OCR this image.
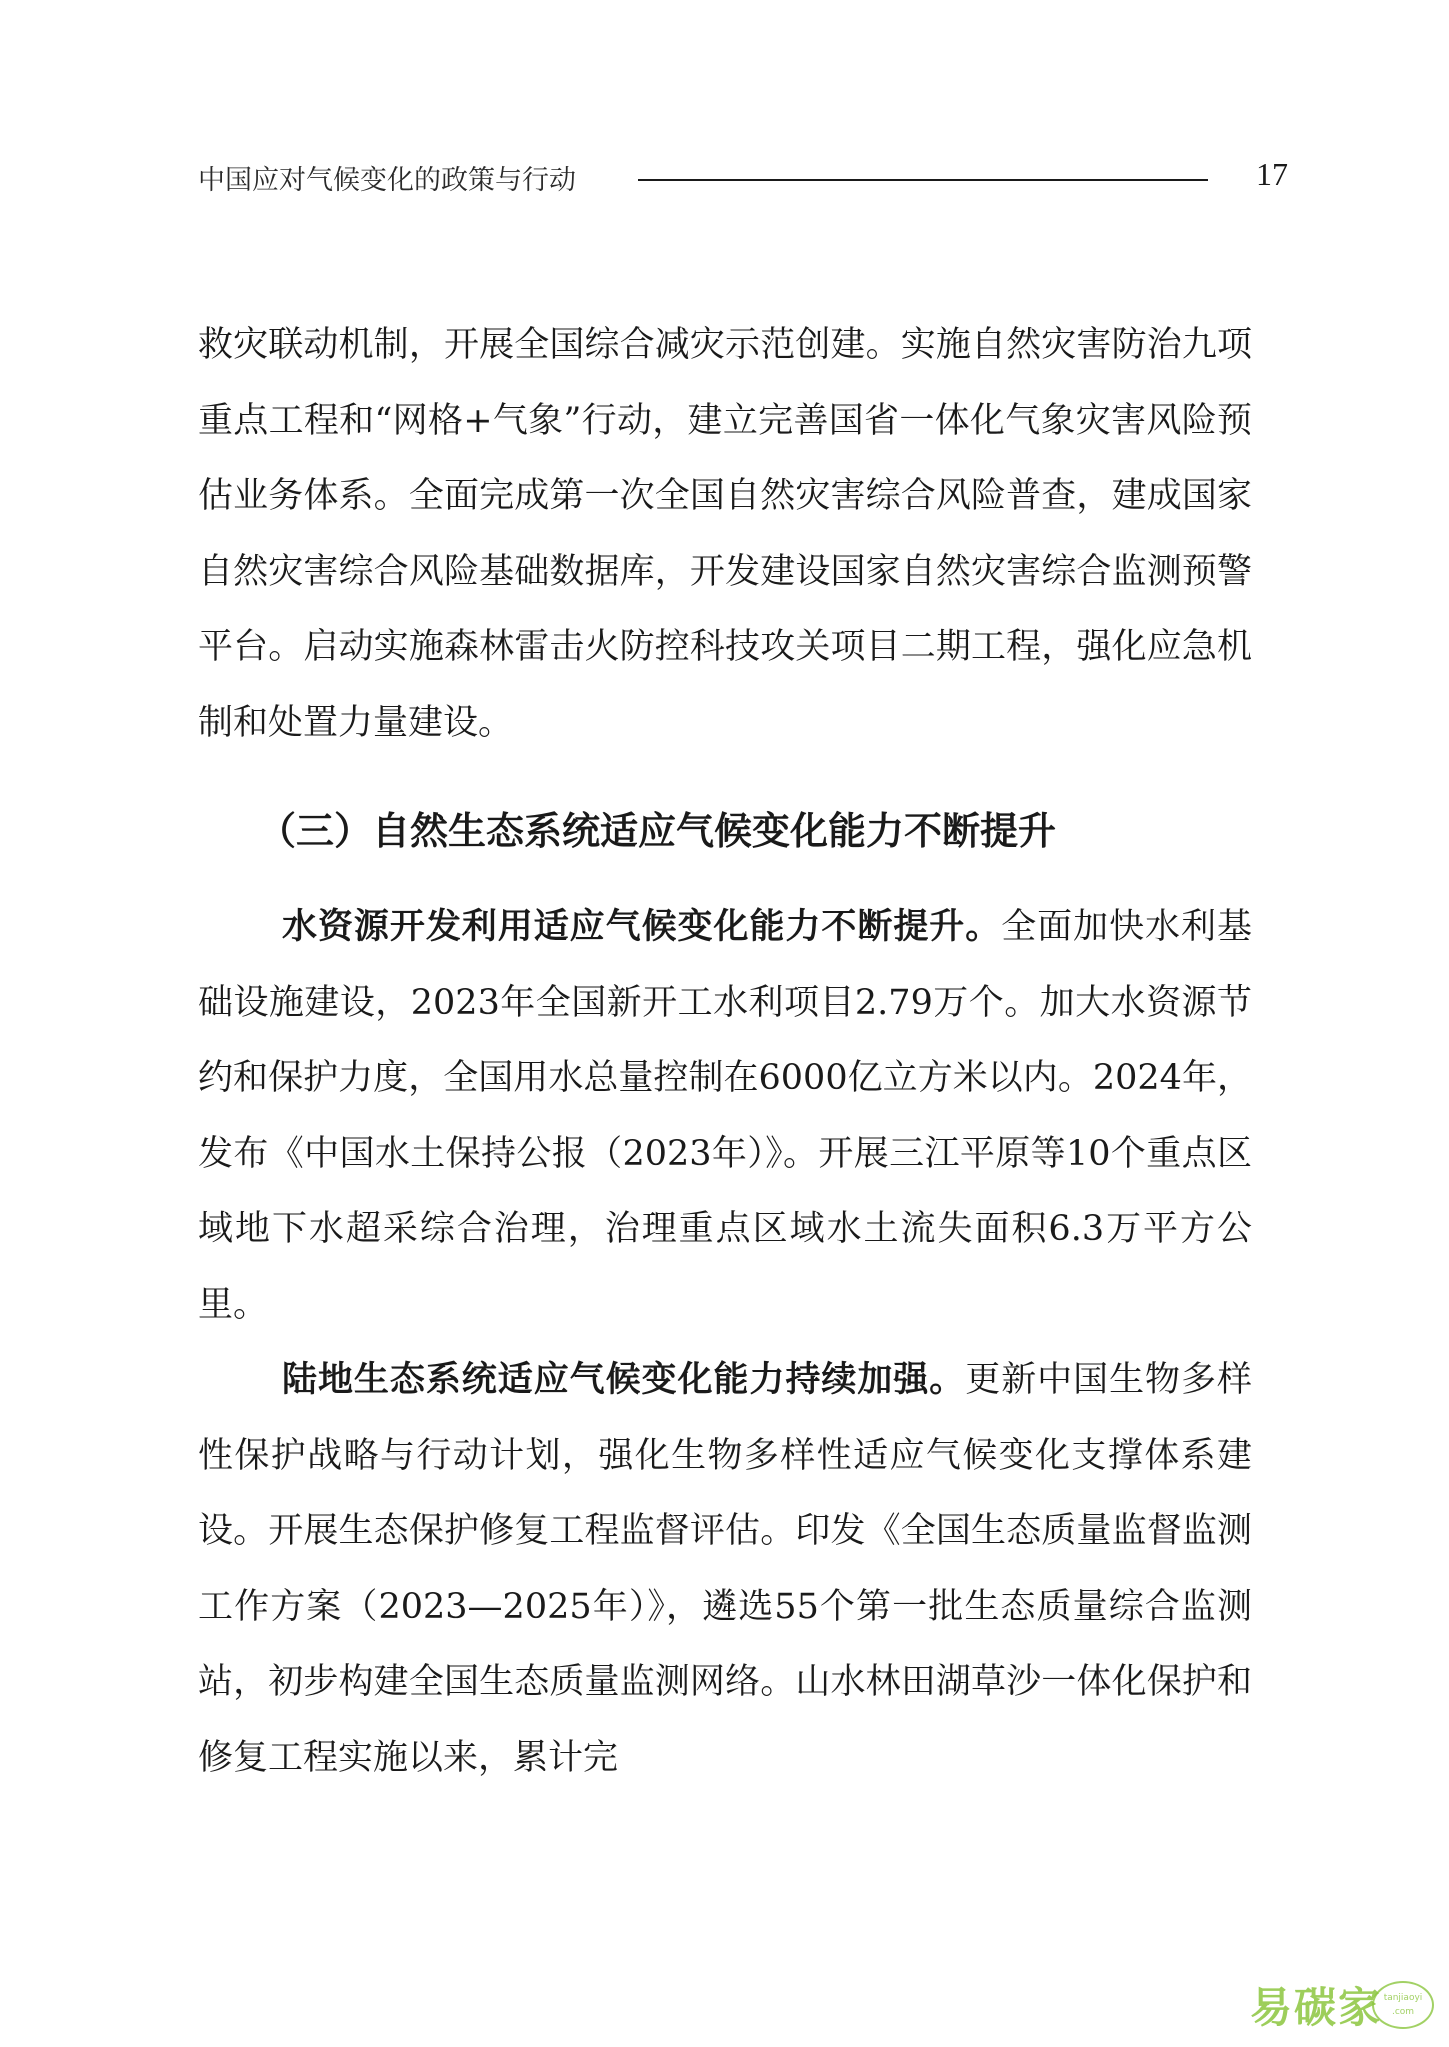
中国应对气候变化的政策与行动	17

救灾联动机制，开展全国综合减灾示范创建。实施自然灾害防治九项重点工程和“网格+气象”行动，建立完善国省一体化气象灾害风险预估业务体系。全面完成第一次全国自然灾害综合风险普查，建成国家自然灾害综合风险基础数据库，开发建设国家自然灾害综合监测预警平台。启动实施森林雷击火防控科技攻关项目二期工程，强化应急机制和处置力量建设。

（三）自然生态系统适应气候变化能力不断提升

水资源开发利用适应气候变化能力不断提升。全面加快水利基础设施建设，2023年全国新开工水利项目2.79万个。加大水资源节约和保护力度，全国用水总量控制在6000亿立方米以内。2024年，发布《中国水土保持公报（2023年）》。开展三江平原等10个重点区域地下水超采综合治理，治理重点区域水土流失面积6.3万平方公里。

陆地生态系统适应气候变化能力持续加强。更新中国生物多样性保护战略与行动计划，强化生物多样性适应气候变化支撑体系建设。开展生态保护修复工程监督评估。印发《全国生态质量监督监测工作方案（2023—2025年）》，遴选55个第一批生态质量综合监测站，初步构建全国生态质量监测网络。山水林田湖草沙一体化保护和修复工程实施以来，累计完

易碳家 tanjiaoyi
.com
